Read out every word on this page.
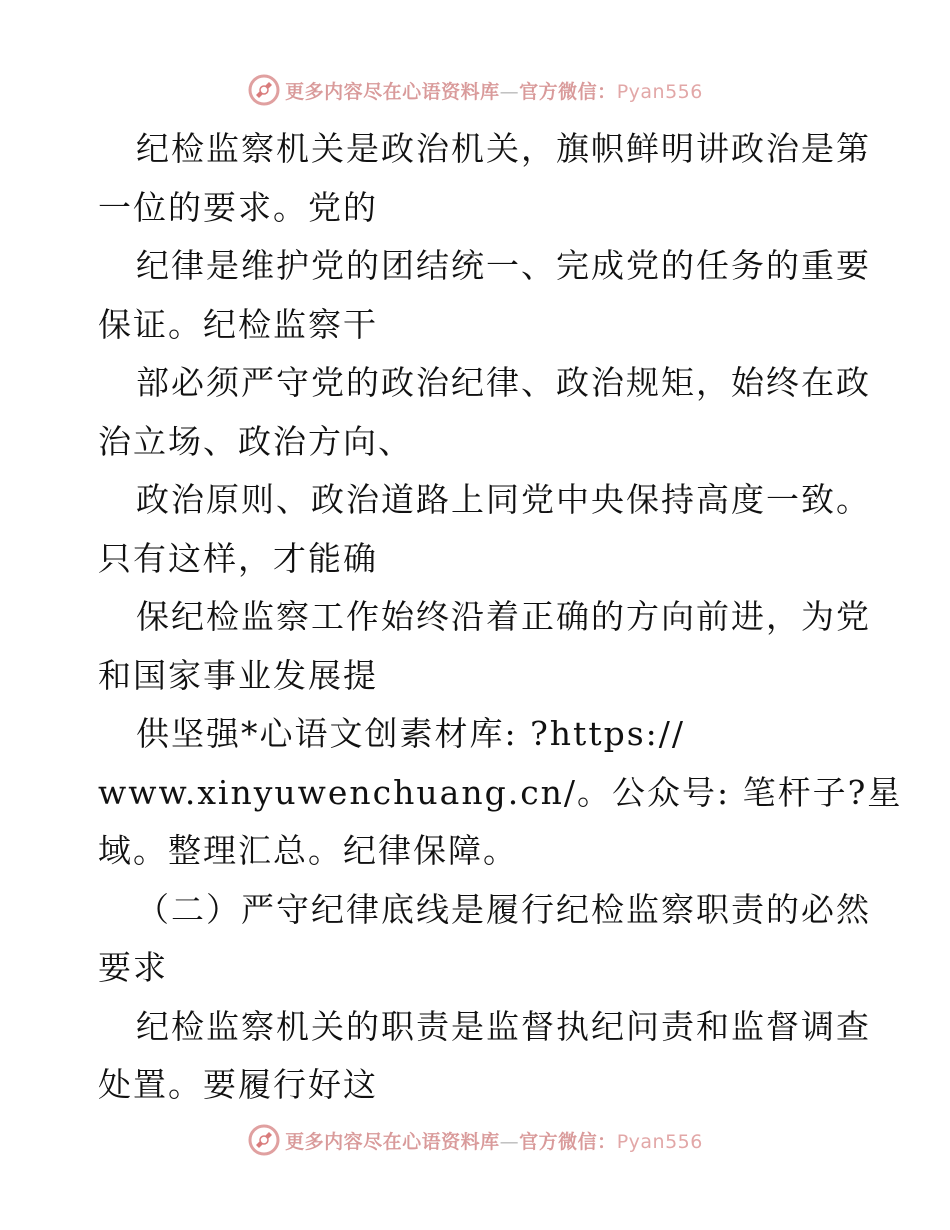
更多内容尽在心语资料库—官方微信：Pyan556
纪检监察机关是政治机关，旗帜鲜明讲政治是第
一位的要求。党的
纪律是维护党的团结统一、完成党的任务的重要
保证。纪检监察干
部必须严守党的政治纪律、政治规矩，始终在政
治立场、政治方向、
政治原则、政治道路上同党中央保持高度一致。
只有这样，才能确
保纪检监察工作始终沿着正确的方向前进，为党
和国家事业发展提
供坚强*心语文创素材库: ?https://
www.xinyuwenchuang.cn/。公众号: 笔杆子?星
域。整理汇总。纪律保障。
（二）严守纪律底线是履行纪检监察职责的必然
要求
纪检监察机关的职责是监督执纪问责和监督调查
处置。要履行好这
更多内容尽在心语资料库—官方微信：Pyan556
